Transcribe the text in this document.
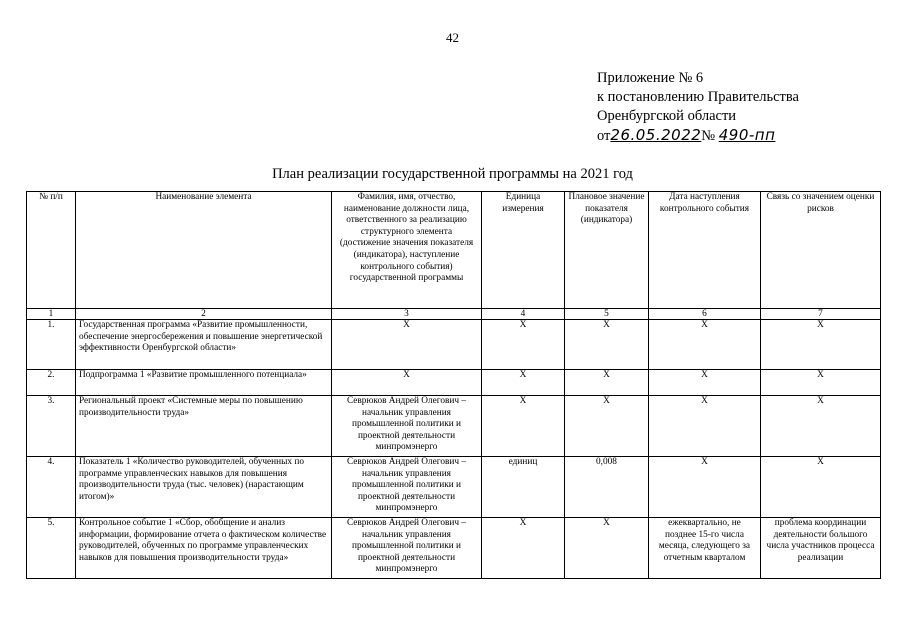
42
Приложение № 6
к постановлению Правительства
Оренбургской области
от26.05.2022№ 490-пп
План реализации государственной программы на 2021 год
№ п/п	Наименование элемента	Фамилия, имя, отчество, наименование должности лица, ответственного за реализацию структурного элемента (достижение значения показателя (индикатора), наступление контрольного события) государственной программы	Единица измерения	Плановое значение показателя (индикатора)	Дата наступления контрольного события	Связь со значением оценки рисков
1	2	3	4	5	6	7
1.	Государственная программа «Развитие промышленности, обеспечение энергосбережения и повышение энергетической эффективности Оренбургской области»	X	X	X	X	X
2.	Подпрограмма 1 «Развитие промышленного потенциала»	X	X	X	X	X
3.	Региональный проект «Системные меры по повышению производительности труда»	Севрюков Андрей Олегович – начальник управления промышленной политики и проектной деятельности минпромэнерго	X	X	X	X
4.	Показатель 1 «Количество руководителей, обученных по программе управленческих навыков для повышения производительности труда (тыс. человек) (нарастающим итогом)»	Севрюков Андрей Олегович – начальник управления промышленной политики и проектной деятельности минпромэнерго	единиц	0,008	X	X
5.	Контрольное событие 1 «Сбор, обобщение и анализ информации, формирование отчета о фактическом количестве руководителей, обученных по программе управленческих навыков для повышения производительности труда»	Севрюков Андрей Олегович – начальник управления промышленной политики и проектной деятельности минпромэнерго	X	X	ежеквартально, не позднее 15-го числа месяца, следующего за отчетным кварталом	проблема координации деятельности большого числа участников процесса реализации
